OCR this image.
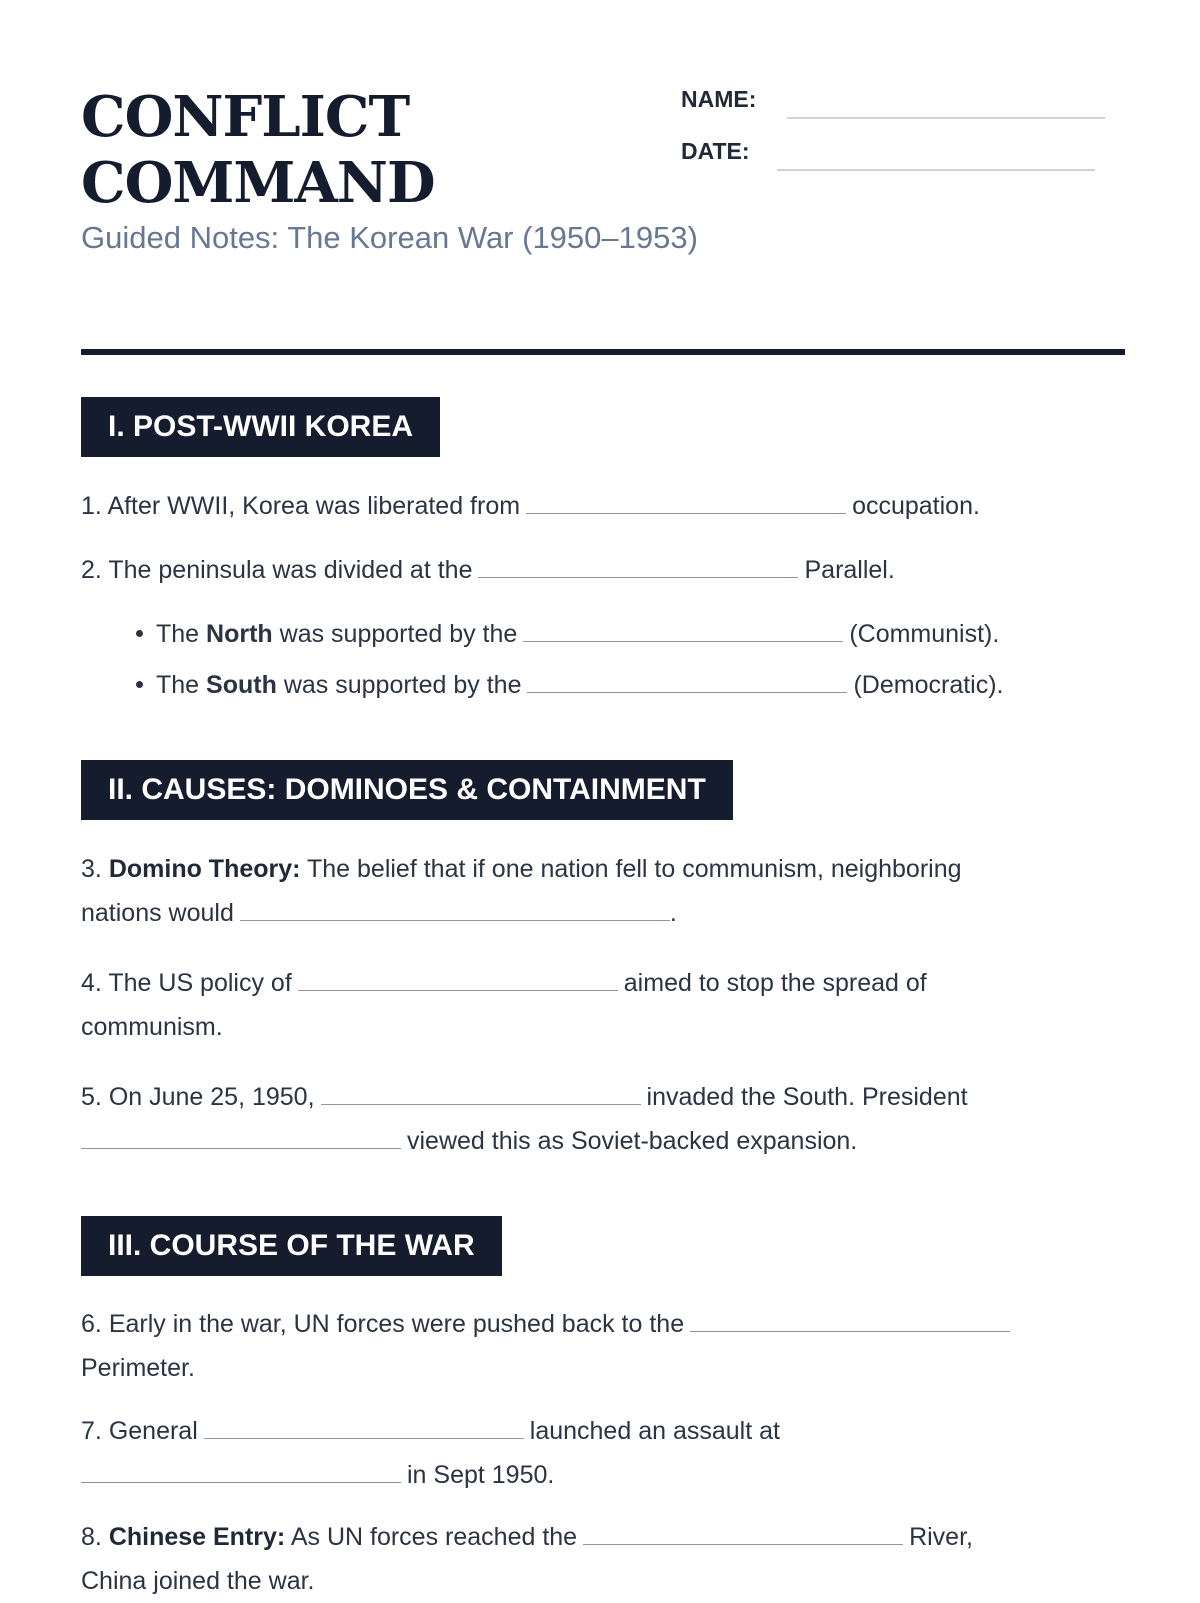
CONFLICT
COMMAND

Guided Notes: The Korean War (1950–1953)

NAME:
DATE:
I. POST-WWII KOREA

1. After WWII, Korea was liberated from	occupation.

2. The peninsula was divided at the	Parallel.

The North was supported by the	(Communist).

The South was supported by the	(Democratic).

II. CAUSES: DOMINOES & CONTAINMENT

3. Domino Theory: The belief that if one nation fell to communism, neighboring
nations would	.

4. The US policy of	aimed to stop the spread of
communism.

5. On June 25, 1950,	invaded the South. President
viewed this as Soviet-backed expansion.

III. COURSE OF THE WAR

6. Early in the war, UN forces were pushed back to the
Perimeter.

7. General	launched an assault at
in Sept 1950.

8. Chinese Entry: As UN forces reached the	River,
China joined the war.
